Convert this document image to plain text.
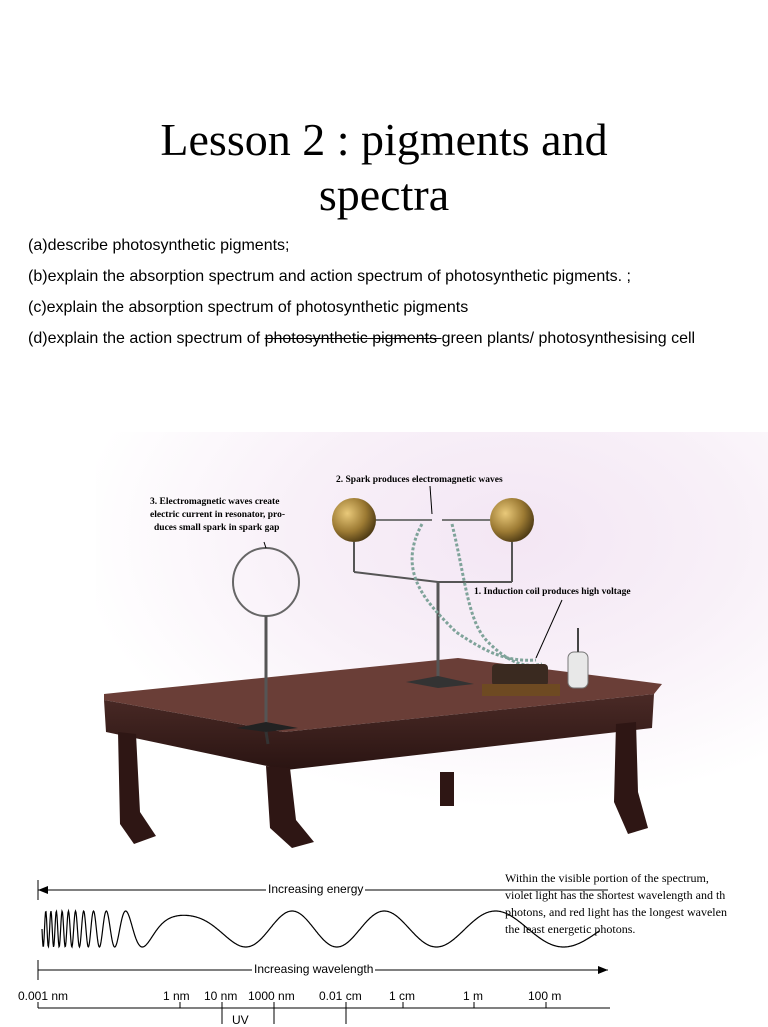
Lesson 2 : pigments and
spectra
(a)describe photosynthetic pigments;
(b)explain the absorption spectrum and action spectrum of photosynthetic pigments. ;
(c)explain the absorption spectrum of photosynthetic pigments
(d)explain the action spectrum of photosynthetic pigments green plants/ photosynthesising cell
2. Spark produces electromagnetic waves
1. Induction coil produces high voltage
3. Electromagnetic waves create
electric current in resonator, pro-
duces small spark in spark gap
Increasing energy
Increasing wavelength
0.001 nm	1 nm 10 nm 1000 nm 0.01 cm 1 cm	1 m	100 m
UV
Within the visible portion of the spectrum,
violet light has the shortest wavelength and th
photons, and red light has the longest wavelen
the least energetic photons.
